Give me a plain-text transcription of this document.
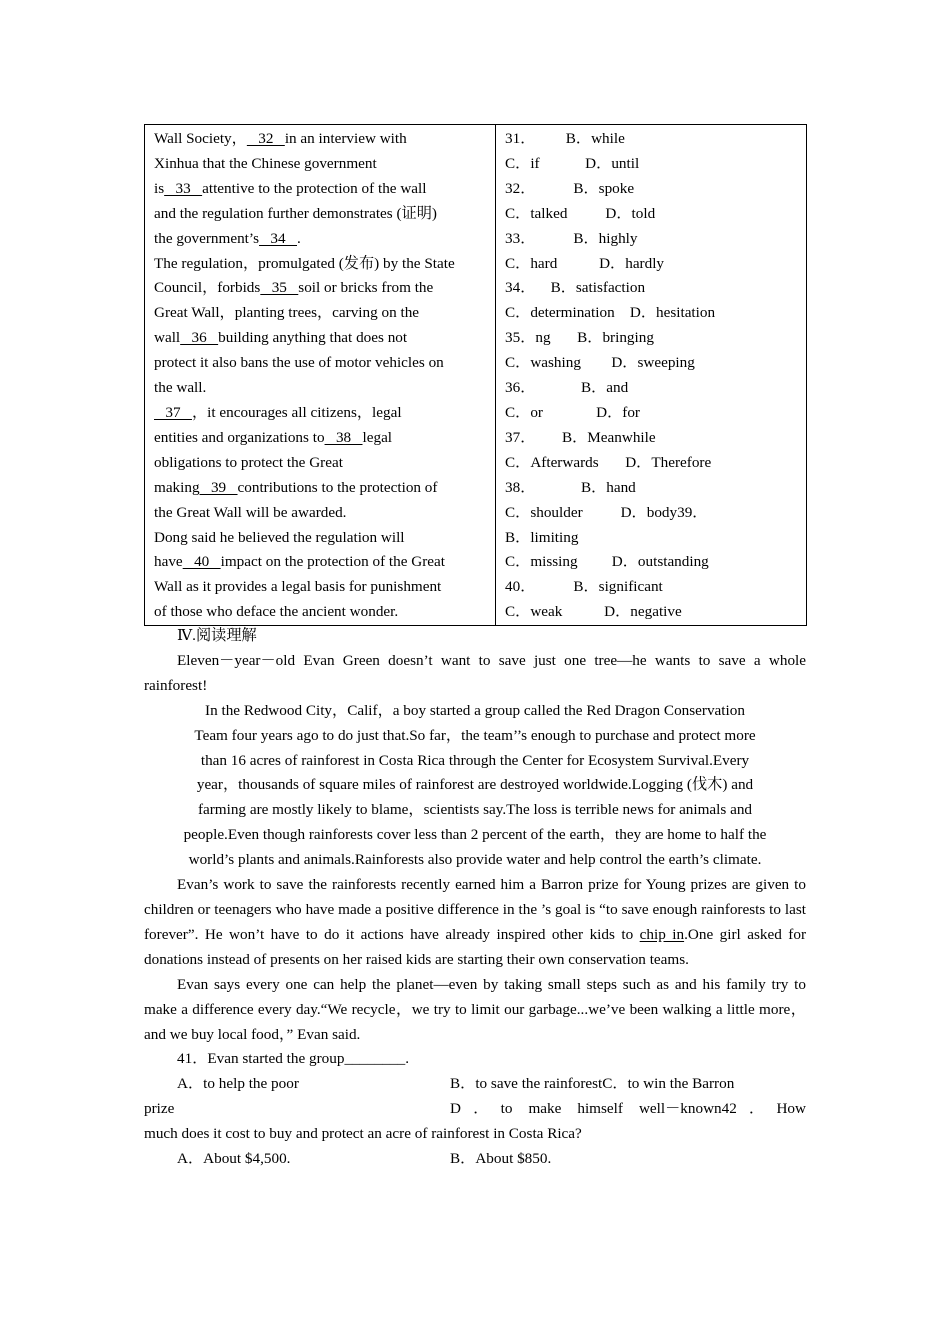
Wall Society，   32   in an interview with
Xinhua that the Chinese government
is   33   attentive to the protection of the wall
and the regulation further demonstrates (证明)
the government’s   34   .
The regulation，promulgated (发布) by the State
Council，forbids   35   soil or bricks from the
Great Wall，planting trees，carving on the
wall   36   building anything that does not
protect it also bans the use of motor vehicles on
the wall.
37   ，it encourages all citizens，legal
entities and organizations to   38   legal
obligations to protect the Great
making   39   contributions to the protection of
the Great Wall will be awarded.
Dong said he believed the regulation will
have   40   impact on the protection of the Great
Wall as it provides a legal basis for punishment
of those who deface the ancient wonder.

31．        B．while
C．if            D．until
32．          B．spoke
C．talked          D．told
33．          B．highly
C．hard           D．hardly
34．    B．satisfaction
C．determination    D．hesitation
35．ng       B．bringing
C．washing        D．sweeping
36．            B．and
C．or              D．for
37．       B．Meanwhile
C．Afterwards       D．Therefore
38．            B．hand
C．shoulder          D．body39．
B．limiting
C．missing         D．outstanding
40．          B．significant
C．weak           D．negative
Ⅳ.阅读理解

Eleven－year－old Evan Green doesn’t want to save just one tree—he wants to save a whole rainforest!

In the Redwood City，Calif，a boy started a group called the Red Dragon Conservation
Team four years ago to do just that.So far，the team’’s enough to purchase and protect more
than 16 acres of rainforest in Costa Rica through the Center for Ecosystem Survival.Every
year，thousands of square miles of rainforest are destroyed worldwide.Logging (伐木) and
farming are mostly likely to blame，scientists say.The loss is terrible news for animals and
people.Even though rainforests cover less than 2 percent of the earth，they are home to half the
world’s plants and animals.Rainforests also provide water and help control the earth’s climate.

Evan’s work to save the rainforests recently earned him a Barron prize for Young prizes are given to children or teenagers who have made a positive difference in the ’s goal is “to save enough rainforests to last forever”. He won’t have to do it actions have already inspired other kids to chip in.One girl asked for donations instead of presents on her raised kids are starting their own conservation teams.

Evan says every one can help the planet—even by taking small steps such as and his family try to make a difference every day.“We recycle，we try to limit our garbage...we’ve been walking a little more，and we buy local food，” Evan said.

41．Evan started the group________.
A．to help the poor	B．to save the rainforestC．to win the Barron
prize	D．to make himself well－known42．How
much does it cost to buy and protect an acre of rainforest in Costa Rica?
A．About $4,500.	B．About $850.
